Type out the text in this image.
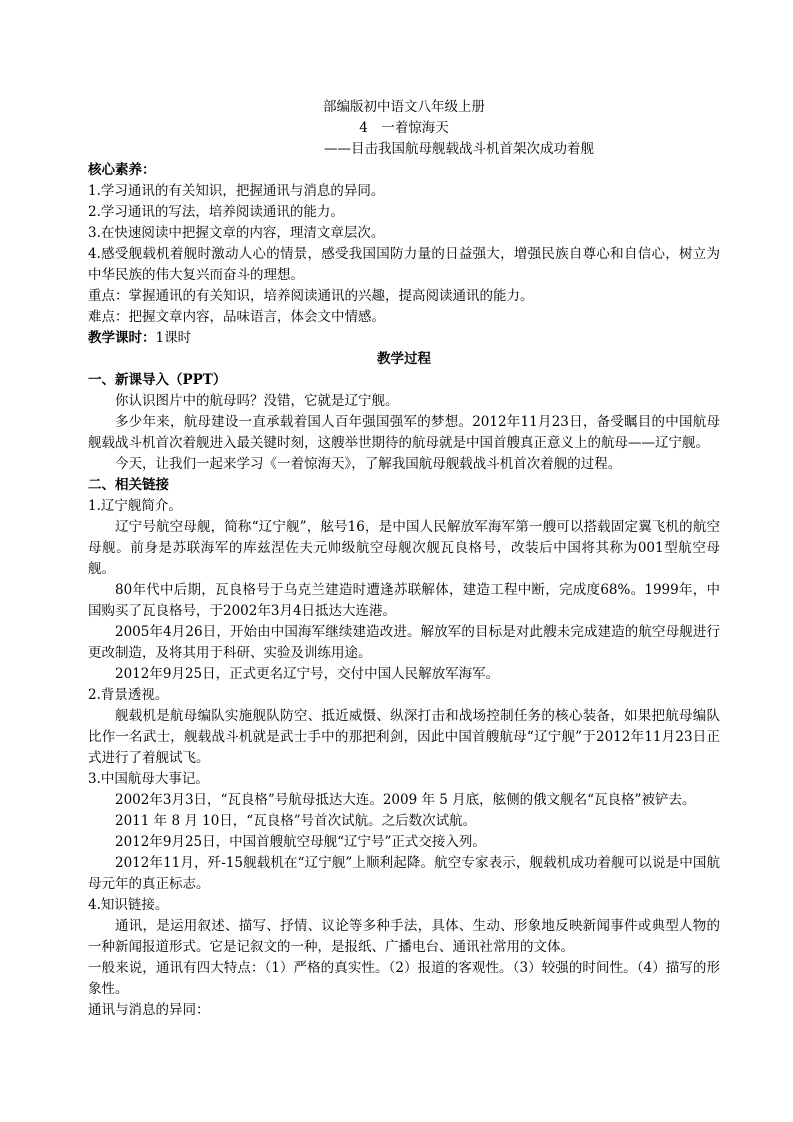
部编版初中语文八年级上册
4　一着惊海天
——目击我国航母舰载战斗机首架次成功着舰
核心素养：
1.学习通讯的有关知识，把握通讯与消息的异同。
2.学习通讯的写法，培养阅读通讯的能力。
3.在快速阅读中把握文章的内容，理清文章层次。
4.感受舰载机着舰时激动人心的情景，感受我国国防力量的日益强大，增强民族自尊心和自信心，树立为中华民族的伟大复兴而奋斗的理想。
重点：掌握通讯的有关知识，培养阅读通讯的兴趣，提高阅读通讯的能力。
难点：把握文章内容，品味语言，体会文中情感。
教学课时：1课时
教学过程
一、新课导入（PPT）
你认识图片中的航母吗？没错，它就是辽宁舰。
多少年来，航母建设一直承载着国人百年强国强军的梦想。2012年11月23日，备受瞩目的中国航母舰载战斗机首次着舰进入最关键时刻，这艘举世期待的航母就是中国首艘真正意义上的航母——辽宁舰。
今天，让我们一起来学习《一着惊海天》，了解我国航母舰载战斗机首次着舰的过程。
二、相关链接
1.辽宁舰简介。
辽宁号航空母舰，简称“辽宁舰”，舷号16，是中国人民解放军海军第一艘可以搭载固定翼飞机的航空母舰。前身是苏联海军的库兹涅佐夫元帅级航空母舰次舰瓦良格号，改装后中国将其称为001型航空母舰。
80年代中后期，瓦良格号于乌克兰建造时遭逢苏联解体，建造工程中断，完成度68%。1999年，中国购买了瓦良格号，于2002年3月4日抵达大连港。
2005年4月26日，开始由中国海军继续建造改进。解放军的目标是对此艘未完成建造的航空母舰进行更改制造，及将其用于科研、实验及训练用途。
2012年9月25日，正式更名辽宁号，交付中国人民解放军海军。
2.背景透视。
舰载机是航母编队实施舰队防空、抵近威慑、纵深打击和战场控制任务的核心装备，如果把航母编队比作一名武士，舰载战斗机就是武士手中的那把利剑，因此中国首艘航母“辽宁舰”于2012年11月23日正式进行了着舰试飞。
3.中国航母大事记。
2002年3月3日，“瓦良格”号航母抵达大连。2009 年 5 月底，舷侧的俄文舰名“瓦良格”被铲去。
2011 年 8 月 10日，“瓦良格”号首次试航。之后数次试航。
2012年9月25日，中国首艘航空母舰“辽宁号”正式交接入列。
2012年11月，歼-15舰载机在“辽宁舰”上顺利起降。航空专家表示，舰载机成功着舰可以说是中国航母元年的真正标志。
4.知识链接。
通讯，是运用叙述、描写、抒情、议论等多种手法，具体、生动、形象地反映新闻事件或典型人物的一种新闻报道形式。它是记叙文的一种，是报纸、广播电台、通讯社常用的文体。
一般来说，通讯有四大特点：（1）严格的真实性。（2）报道的客观性。（3）较强的时间性。（4）描写的形象性。
通讯与消息的异同：
